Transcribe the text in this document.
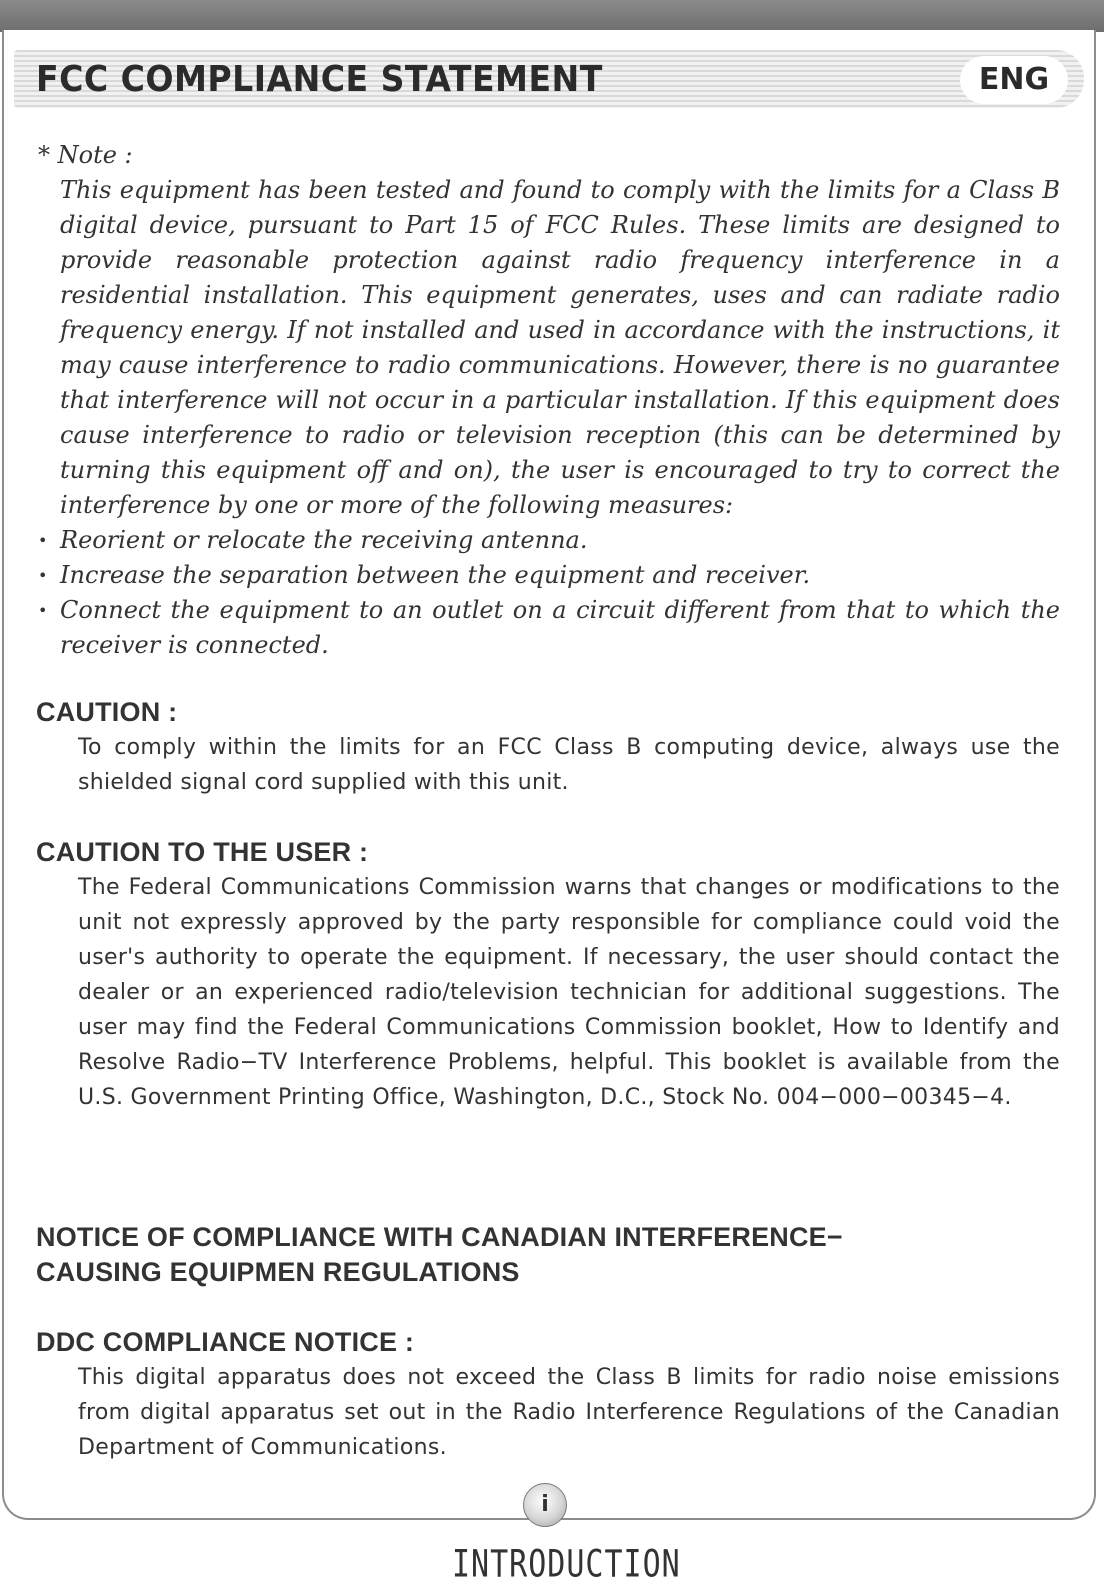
FCC COMPLIANCE STATEMENT	ENG
* Note :

This equipment has been tested and found to comply with the limits for a Class B digital device, pursuant to Part 15 of FCC Rules. These limits are designed to provide reasonable protection against radio frequency interference in a residential installation. This equipment generates, uses and can radiate radio frequency energy. If not installed and used in accordance with the instructions, it may cause interference to radio communications. However, there is no guarantee that interference will not occur in a particular installation. If this equipment does cause interference to radio or television reception (this can be determined by turning this equipment off and on), the user is encouraged to try to correct the interference by one or more of the following measures:

• Reorient or relocate the receiving antenna.
• Increase the separation between the equipment and receiver.
• Connect the equipment to an outlet on a circuit different from that to which the receiver is connected.
CAUTION :

To comply within the limits for an FCC Class B computing device, always use the shielded signal cord supplied with this unit.

CAUTION TO THE USER :

The Federal Communications Commission warns that changes or modifications to the unit not expressly approved by the party responsible for compliance could void the user's authority to operate the equipment. If necessary, the user should contact the dealer or an experienced radio/television technician for additional suggestions. The user may find the Federal Communications Commission booklet, How to Identify and Resolve Radio−TV Interference Problems, helpful. This booklet is available from the U.S. Government Printing Office, Washington, D.C., Stock No. 004−000−00345−4.

NOTICE OF COMPLIANCE WITH CANADIAN INTERFERENCE−
CAUSING EQUIPMEN REGULATIONS
DDC COMPLIANCE NOTICE :

This digital apparatus does not exceed the Class B limits for radio noise emissions from digital apparatus set out in the Radio Interference Regulations of the Canadian Department of Communications.

i
INTRODUCTION
